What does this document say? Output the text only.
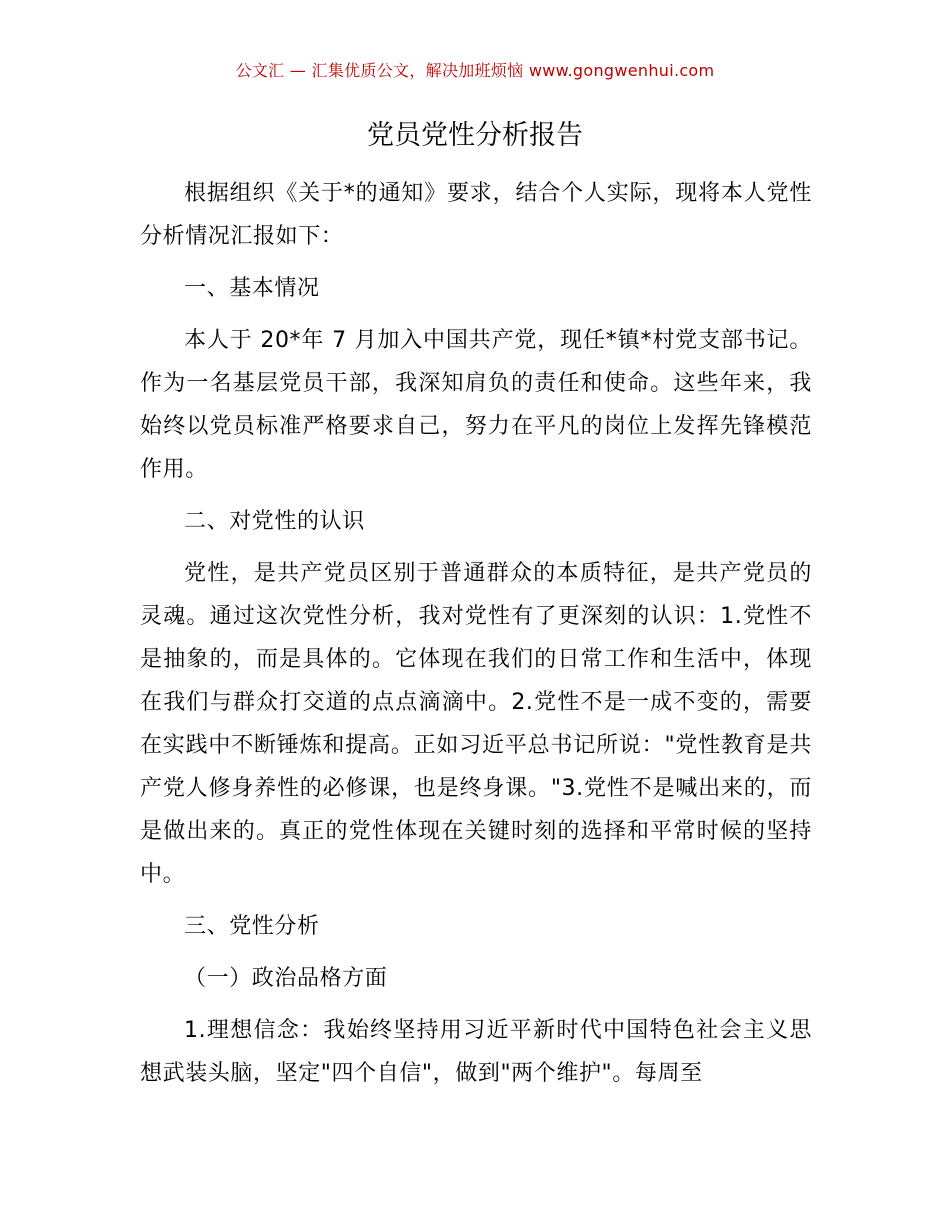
公文汇 — 汇集优质公文，解决加班烦恼 www.gongwenhui.com
党员党性分析报告

根据组织《关于*的通知》要求，结合个人实际，现将本人党性分析情况汇报如下：

一、基本情况

本人于 20*年 7 月加入中国共产党，现任*镇*村党支部书记。作为一名基层党员干部，我深知肩负的责任和使命。这些年来，我始终以党员标准严格要求自己，努力在平凡的岗位上发挥先锋模范作用。

二、对党性的认识

党性，是共产党员区别于普通群众的本质特征，是共产党员的灵魂。通过这次党性分析，我对党性有了更深刻的认识：1.党性不是抽象的，而是具体的。它体现在我们的日常工作和生活中，体现在我们与群众打交道的点点滴滴中。2.党性不是一成不变的，需要在实践中不断锤炼和提高。正如习近平总书记所说："党性教育是共产党人修身养性的必修课，也是终身课。"3.党性不是喊出来的，而是做出来的。真正的党性体现在关键时刻的选择和平常时候的坚持中。

三、党性分析

（一）政治品格方面

1.理想信念：我始终坚持用习近平新时代中国特色社会主义思想武装头脑，坚定"四个自信"，做到"两个维护"。每周至
